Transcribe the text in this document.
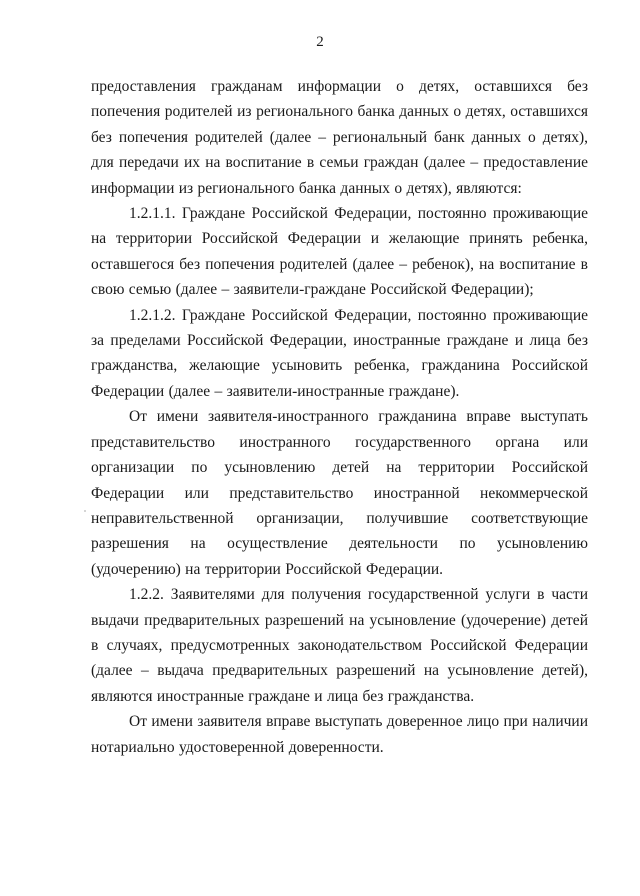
2

предоставления гражданам информации о детях, оставшихся без попечения родителей из регионального банка данных о детях, оставшихся без попечения родителей (далее – региональный банк данных о детях), для передачи их на воспитание в семьи граждан (далее – предоставление информации из регионального банка данных о детях), являются:

1.2.1.1. Граждане Российской Федерации, постоянно проживающие на территории Российской Федерации и желающие принять ребенка, оставшегося без попечения родителей (далее – ребенок), на воспитание в свою семью (далее – заявители-граждане Российской Федерации);

1.2.1.2. Граждане Российской Федерации, постоянно проживающие за пределами Российской Федерации, иностранные граждане и лица без гражданства, желающие усыновить ребенка, гражданина Российской Федерации (далее – заявители-иностранные граждане).

От имени заявителя-иностранного гражданина вправе выступать представительство иностранного государственного органа или организации по усыновлению детей на территории Российской Федерации или представительство иностранной некоммерческой неправительственной организации, получившие соответствующие разрешения на осуществление деятельности по усыновлению (удочерению) на территории Российской Федерации.

1.2.2. Заявителями для получения государственной услуги в части выдачи предварительных разрешений на усыновление (удочерение) детей в случаях, предусмотренных законодательством Российской Федерации (далее – выдача предварительных разрешений на усыновление детей), являются иностранные граждане и лица без гражданства.

От имени заявителя вправе выступать доверенное лицо при наличии нотариально удостоверенной доверенности.
